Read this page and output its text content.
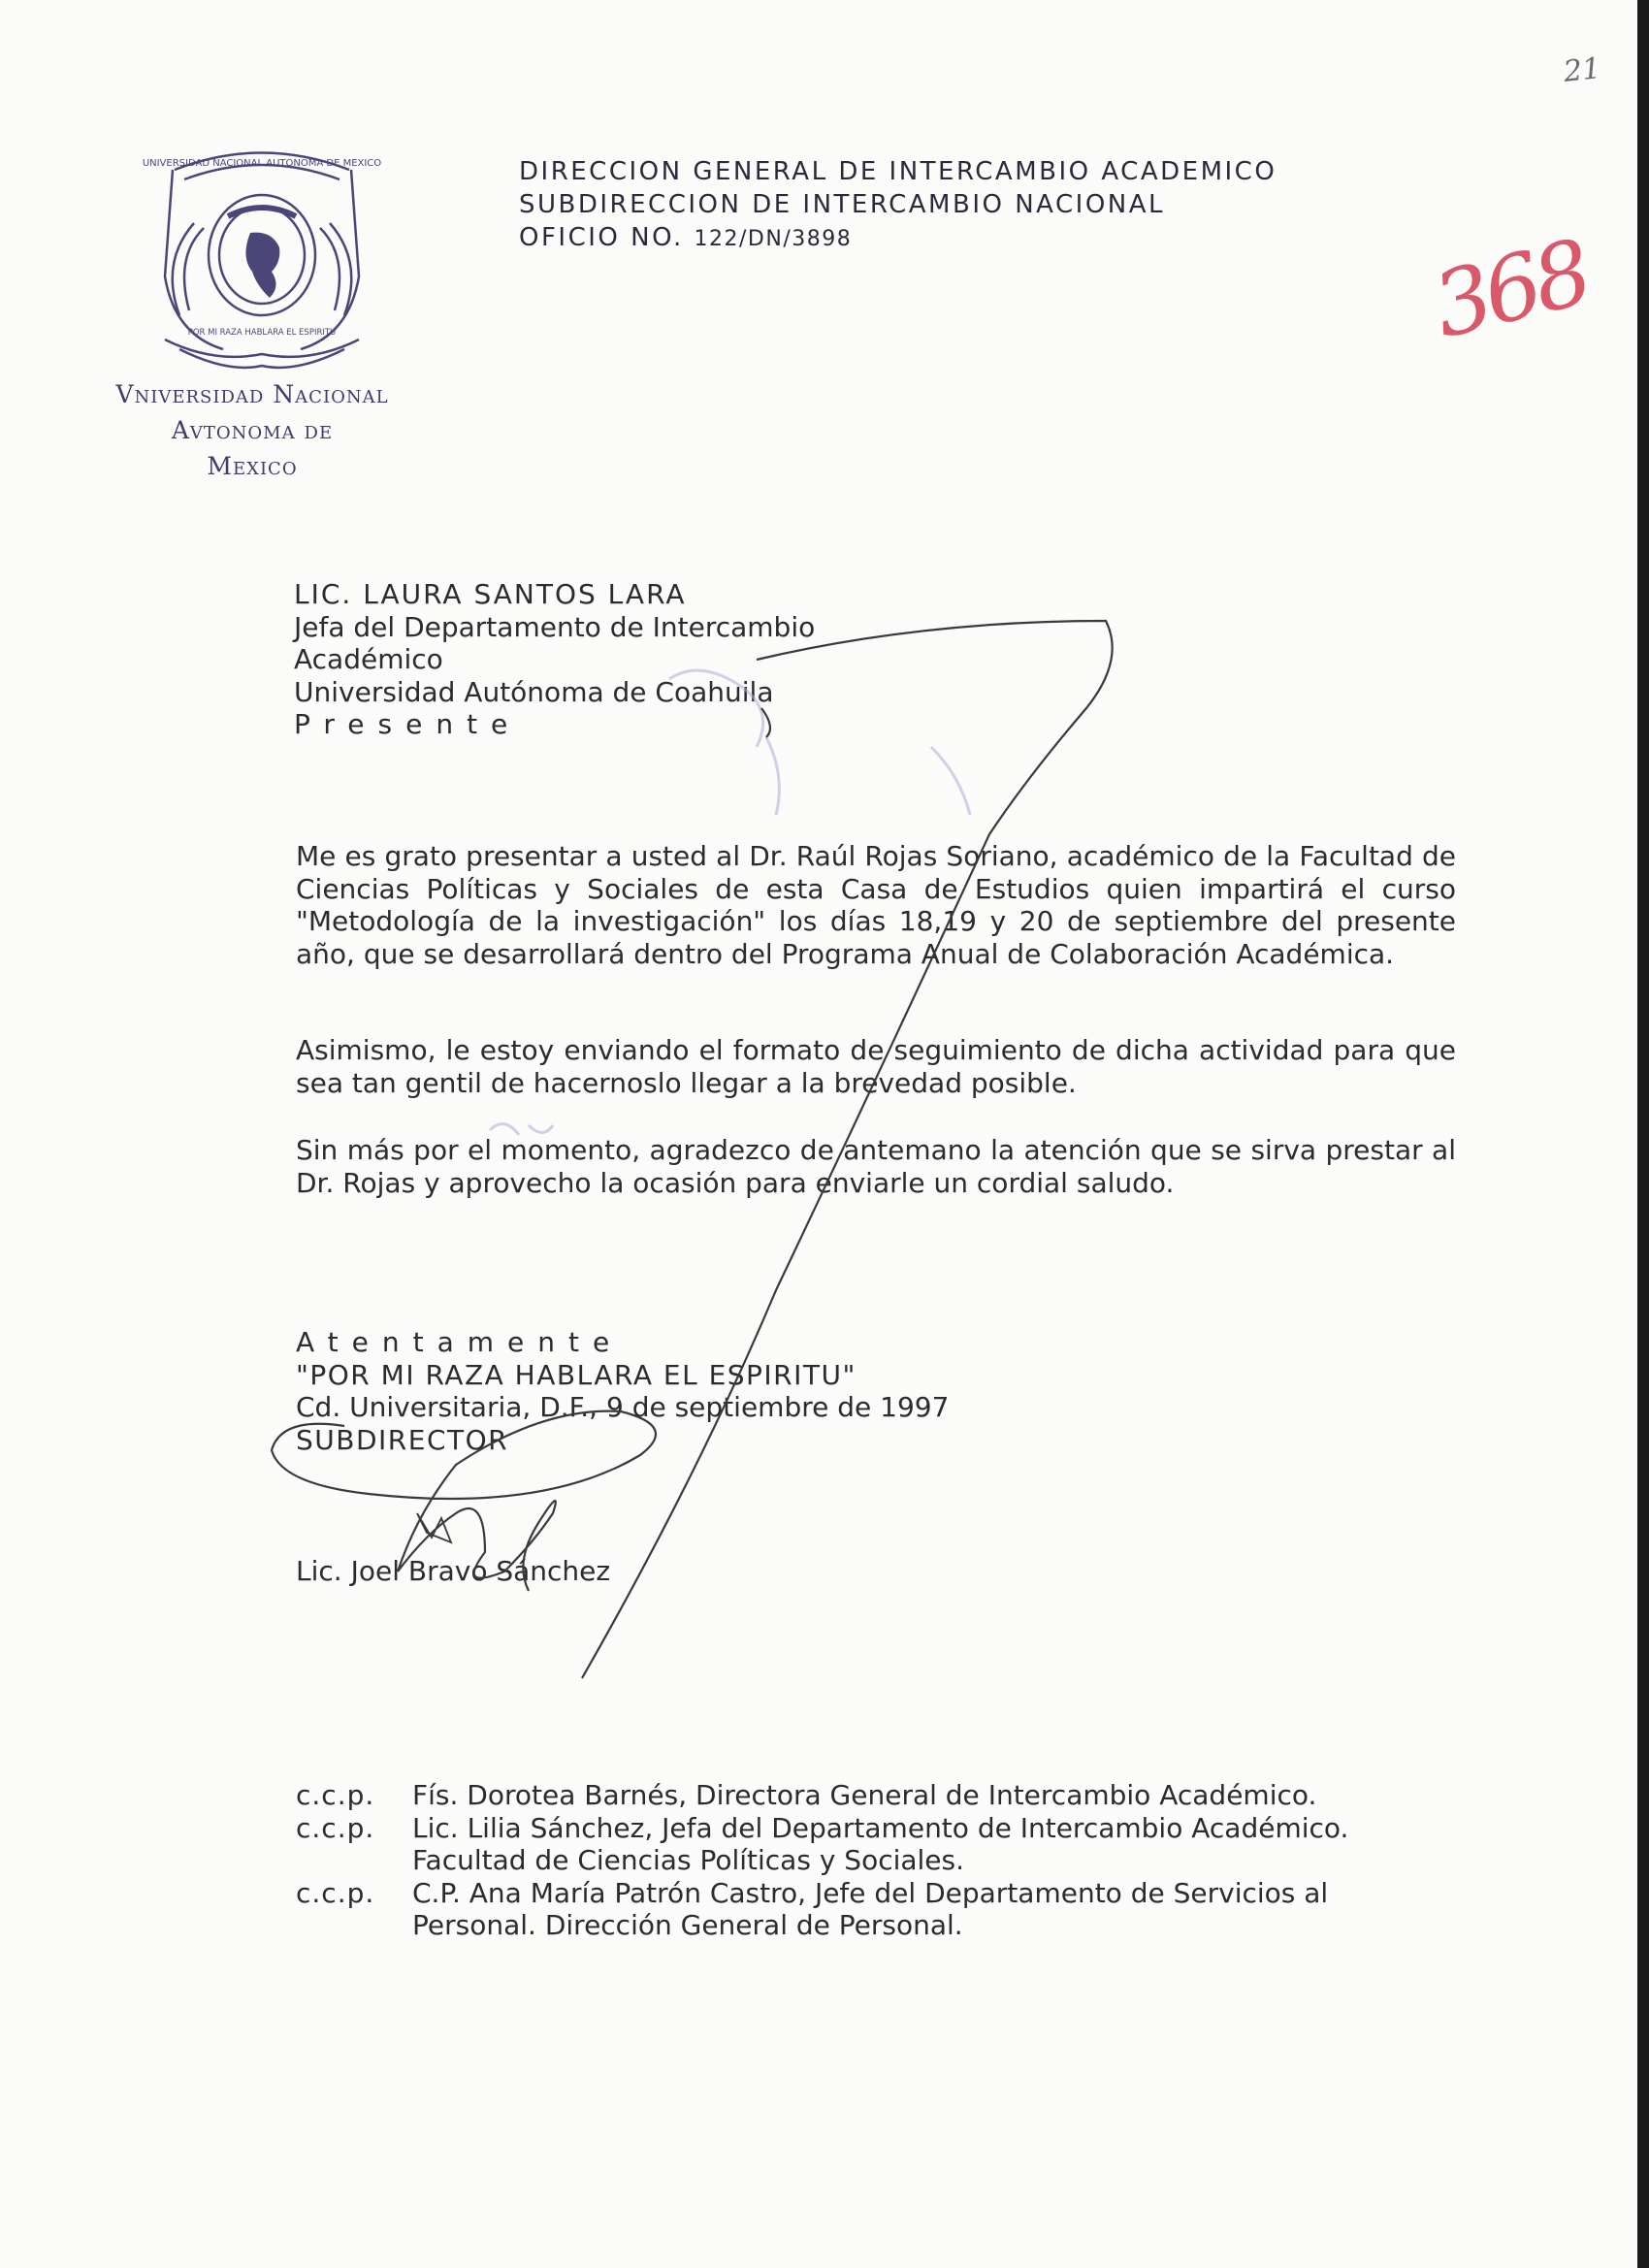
UNIVERSIDAD NACIONAL AUTONOMA DE MEXICO
POR MI RAZA HABLARA EL ESPIRITU
Vniversidad Nacional
Avtonoma de
Mexico
DIRECCION GENERAL DE INTERCAMBIO ACADEMICO
SUBDIRECCION DE INTERCAMBIO NACIONAL
OFICIO NO. 122/DN/3898
21
368
LIC. LAURA SANTOS LARA
Jefa del Departamento de Intercambio
Académico
Universidad Autónoma de Coahuila
Presente
Me es grato presentar a usted al Dr. Raúl Rojas Soriano, académico de la Facultad de Ciencias Políticas y Sociales de esta Casa de Estudios quien impartirá el curso "Metodología de la investigación" los días 18,19 y 20 de septiembre del presente año, que se desarrollará dentro del Programa Anual de Colaboración Académica.
Asimismo, le estoy enviando el formato de seguimiento de dicha actividad para que sea tan gentil de hacernoslo llegar a la brevedad posible.
Sin más por el momento, agradezco de antemano la atención que se sirva prestar al Dr. Rojas y aprovecho la ocasión para enviarle un cordial saludo.
Atentamente
"POR MI RAZA HABLARA EL ESPIRITU"
Cd. Universitaria, D.F., 9 de septiembre de 1997
SUBDIRECTOR
Lic. Joel Bravo Sánchez
c.c.p.	Fís. Dorotea Barnés, Directora General de Intercambio Académico.
c.c.p.	Lic. Lilia Sánchez, Jefa del Departamento de Intercambio Académico. Facultad de Ciencias Políticas y Sociales.
c.c.p.	C.P. Ana María Patrón Castro, Jefe del Departamento de Servicios al Personal. Dirección General de Personal.
